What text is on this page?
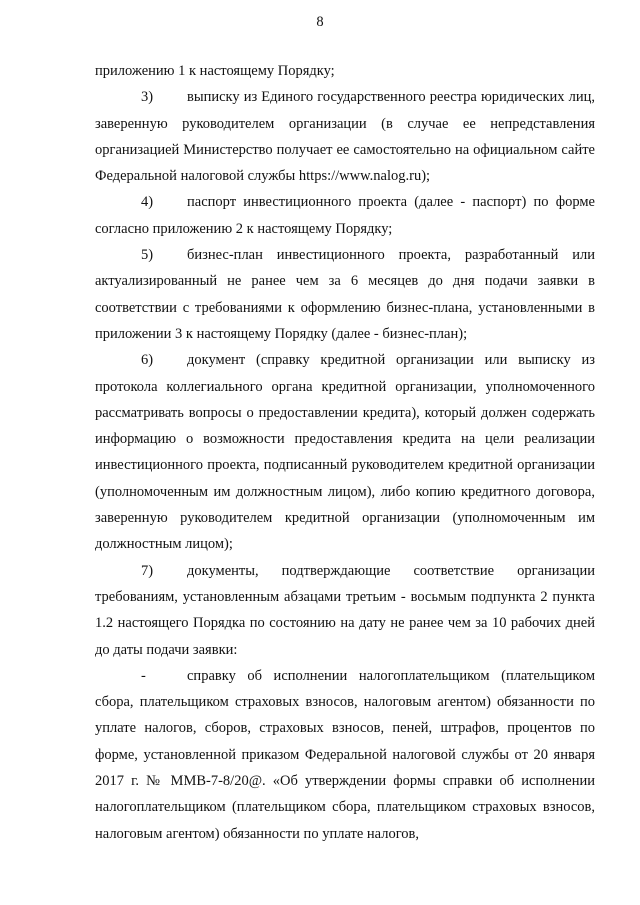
8

приложению 1 к настоящему Порядку;

3) выписку из Единого государственного реестра юридических лиц, заверенную руководителем организации (в случае ее непредставления организацией Министерство получает ее самостоятельно на официальном сайте Федеральной налоговой службы https://www.nalog.ru);

4) паспорт инвестиционного проекта (далее - паспорт) по форме согласно приложению 2 к настоящему Порядку;

5) бизнес-план инвестиционного проекта, разработанный или актуализированный не ранее чем за 6 месяцев до дня подачи заявки в соответствии с требованиями к оформлению бизнес-плана, установленными в приложении 3 к настоящему Порядку (далее - бизнес-план);

6) документ (справку кредитной организации или выписку из протокола коллегиального органа кредитной организации, уполномоченного рассматривать вопросы о предоставлении кредита), который должен содержать информацию о возможности предоставления кредита на цели реализации инвестиционного проекта, подписанный руководителем кредитной организации (уполномоченным им должностным лицом), либо копию кредитного договора, заверенную руководителем кредитной организации (уполномоченным им должностным лицом);

7) документы, подтверждающие соответствие организации требованиям, установленным абзацами третьим - восьмым подпункта 2 пункта 1.2 настоящего Порядка по состоянию на дату не ранее чем за 10 рабочих дней до даты подачи заявки:

-	справку об исполнении налогоплательщиком (плательщиком сбора, плательщиком страховых взносов, налоговым агентом) обязанности по уплате налогов, сборов, страховых взносов, пеней, штрафов, процентов по форме, установленной приказом Федеральной налоговой службы от 20 января 2017 г. № ММВ-7-8/20@. «Об утверждении формы справки об исполнении налогоплательщиком (плательщиком сбора, плательщиком страховых взносов, налоговым агентом) обязанности по уплате налогов,
